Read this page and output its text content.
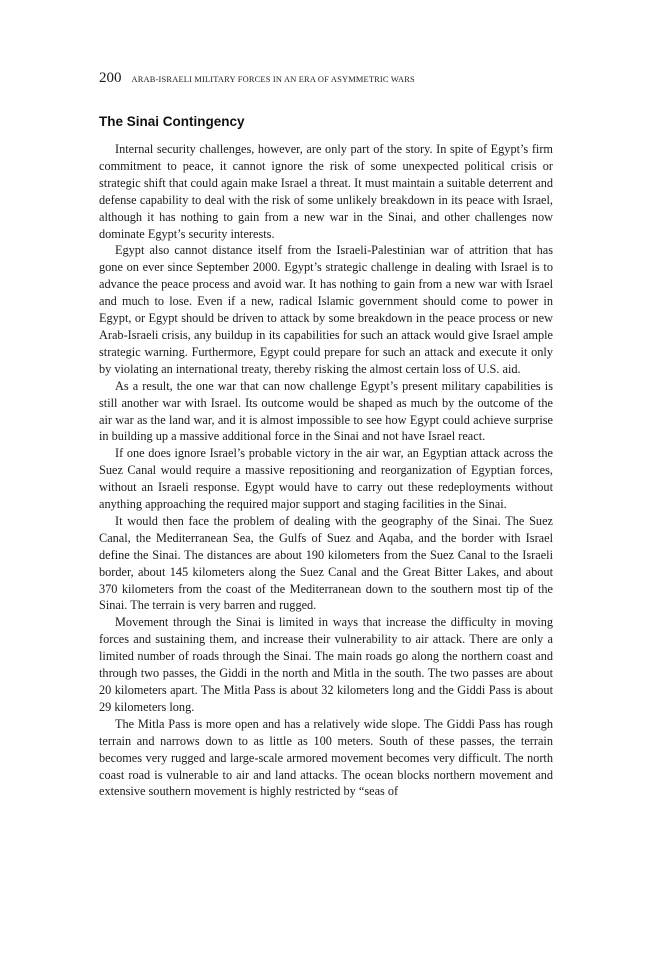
200 ARAB-ISRAELI MILITARY FORCES IN AN ERA OF ASYMMETRIC WARS
The Sinai Contingency

Internal security challenges, however, are only part of the story. In spite of Egypt’s firm commitment to peace, it cannot ignore the risk of some unexpected political crisis or strategic shift that could again make Israel a threat. It must maintain a suitable deterrent and defense capability to deal with the risk of some unlikely breakdown in its peace with Israel, although it has nothing to gain from a new war in the Sinai, and other challenges now dominate Egypt’s security interests.

Egypt also cannot distance itself from the Israeli-Palestinian war of attrition that has gone on ever since September 2000. Egypt’s strategic challenge in dealing with Israel is to advance the peace process and avoid war. It has nothing to gain from a new war with Israel and much to lose. Even if a new, radical Islamic government should come to power in Egypt, or Egypt should be driven to attack by some breakdown in the peace process or new Arab-Israeli crisis, any buildup in its capabilities for such an attack would give Israel ample strategic warning. Furthermore, Egypt could prepare for such an attack and execute it only by violating an international treaty, thereby risking the almost certain loss of U.S. aid.

As a result, the one war that can now challenge Egypt’s present military capabilities is still another war with Israel. Its outcome would be shaped as much by the outcome of the air war as the land war, and it is almost impossible to see how Egypt could achieve surprise in building up a massive additional force in the Sinai and not have Israel react.

If one does ignore Israel’s probable victory in the air war, an Egyptian attack across the Suez Canal would require a massive repositioning and reorganization of Egyptian forces, without an Israeli response. Egypt would have to carry out these redeployments without anything approaching the required major support and staging facilities in the Sinai.

It would then face the problem of dealing with the geography of the Sinai. The Suez Canal, the Mediterranean Sea, the Gulfs of Suez and Aqaba, and the border with Israel define the Sinai. The distances are about 190 kilometers from the Suez Canal to the Israeli border, about 145 kilometers along the Suez Canal and the Great Bitter Lakes, and about 370 kilometers from the coast of the Mediterranean down to the southern most tip of the Sinai. The terrain is very barren and rugged.

Movement through the Sinai is limited in ways that increase the difficulty in moving forces and sustaining them, and increase their vulnerability to air attack. There are only a limited number of roads through the Sinai. The main roads go along the northern coast and through two passes, the Giddi in the north and Mitla in the south. The two passes are about 20 kilometers apart. The Mitla Pass is about 32 kilometers long and the Giddi Pass is about 29 kilometers long.

The Mitla Pass is more open and has a relatively wide slope. The Giddi Pass has rough terrain and narrows down to as little as 100 meters. South of these passes, the terrain becomes very rugged and large-scale armored movement becomes very difficult. The north coast road is vulnerable to air and land attacks. The ocean blocks northern movement and extensive southern movement is highly restricted by “seas of
